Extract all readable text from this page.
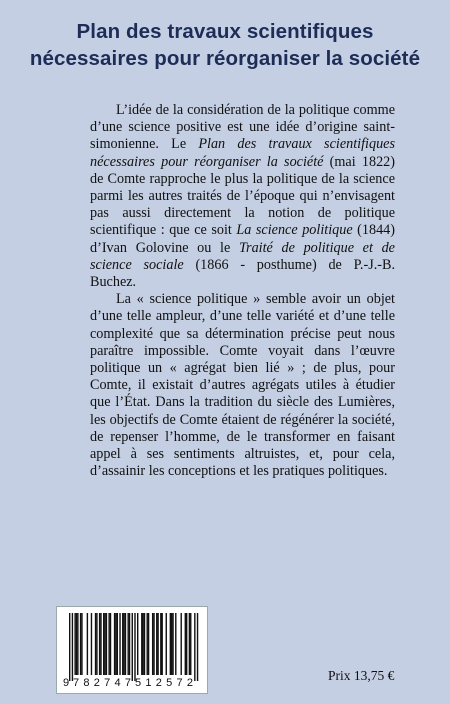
Plan des travaux scientifiques
nécessaires pour réorganiser la société

L’idée de la considération de la politique comme d’une science positive est une idée d’origine saint-simonienne. Le Plan des travaux scientifiques nécessaires pour réorganiser la société (mai 1822) de Comte rapproche le plus la politique de la science parmi les autres traités de l’époque qui n’envisagent pas aussi directement la notion de politique scientifique : que ce soit La science politique (1844) d’Ivan Golovine ou le Traité de politique et de science sociale (1866 - posthume) de P.-J.-B. Buchez.

La « science politique » semble avoir un objet d’une telle ampleur, d’une telle variété et d’une telle complexité que sa détermination précise peut nous paraître impossible. Comte voyait dans l’œuvre politique un « agrégat bien lié » ; de plus, pour Comte, il existait d’autres agrégats utiles à étudier que l’État. Dans la tradition du siècle des Lumières, les objectifs de Comte étaient de régénérer la société, de repenser l’homme, de le transformer en faisant appel à ses sentiments altruistes, et, pour cela, d’assainir les conceptions et les pratiques politiques.

9 782747 512572	Prix 13,75 €
